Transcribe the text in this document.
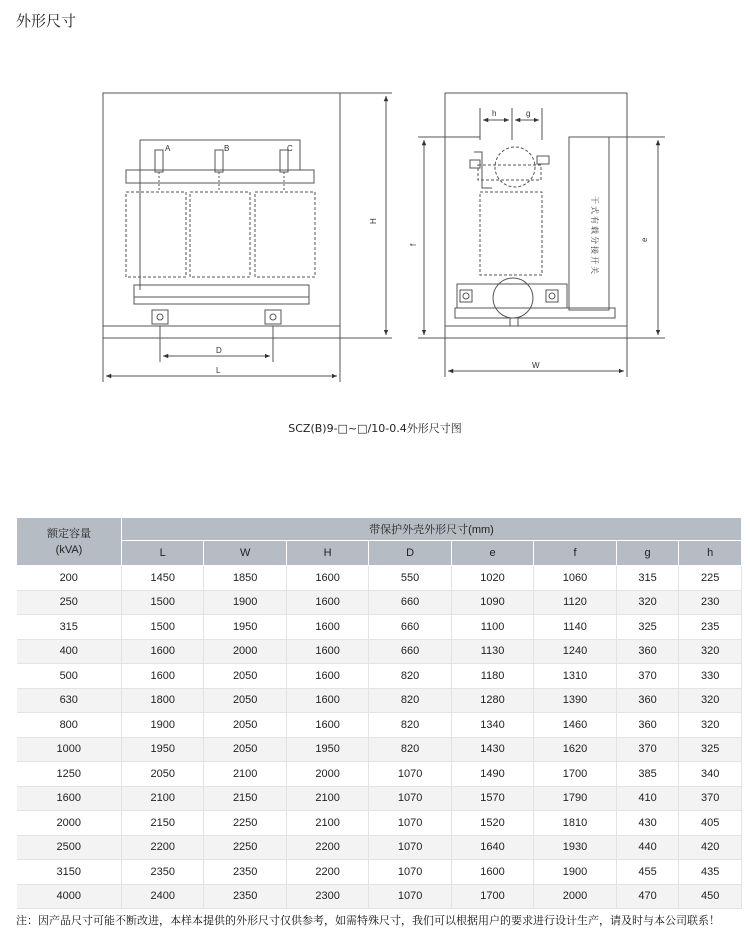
外形尺寸
A	B	C
D
L
H
h	g
f
e
W
干式有载分接开关
SCZ(B)9-□~□/10-0.4外形尺寸图
额定容量
(kVA)	带保护外壳外形尺寸(mm)							
	L	W	H	D	e	f	g	h
200	1450	1850	1600	550	1020	1060	315	225
250	1500	1900	1600	660	1090	1120	320	230
315	1500	1950	1600	660	1100	1140	325	235
400	1600	2000	1600	660	1130	1240	360	320
500	1600	2050	1600	820	1180	1310	370	330
630	1800	2050	1600	820	1280	1390	360	320
800	1900	2050	1600	820	1340	1460	360	320
1000	1950	2050	1950	820	1430	1620	370	325
1250	2050	2100	2000	1070	1490	1700	385	340
1600	2100	2150	2100	1070	1570	1790	410	370
2000	2150	2250	2100	1070	1520	1810	430	405
2500	2200	2250	2200	1070	1640	1930	440	420
3150	2350	2350	2200	1070	1600	1900	455	435
4000	2400	2350	2300	1070	1700	2000	470	450
注：因产品尺寸可能不断改进，本样本提供的外形尺寸仅供参考，如需特殊尺寸，我们可以根据用户的要求进行设计生产，请及时与本公司联系！
